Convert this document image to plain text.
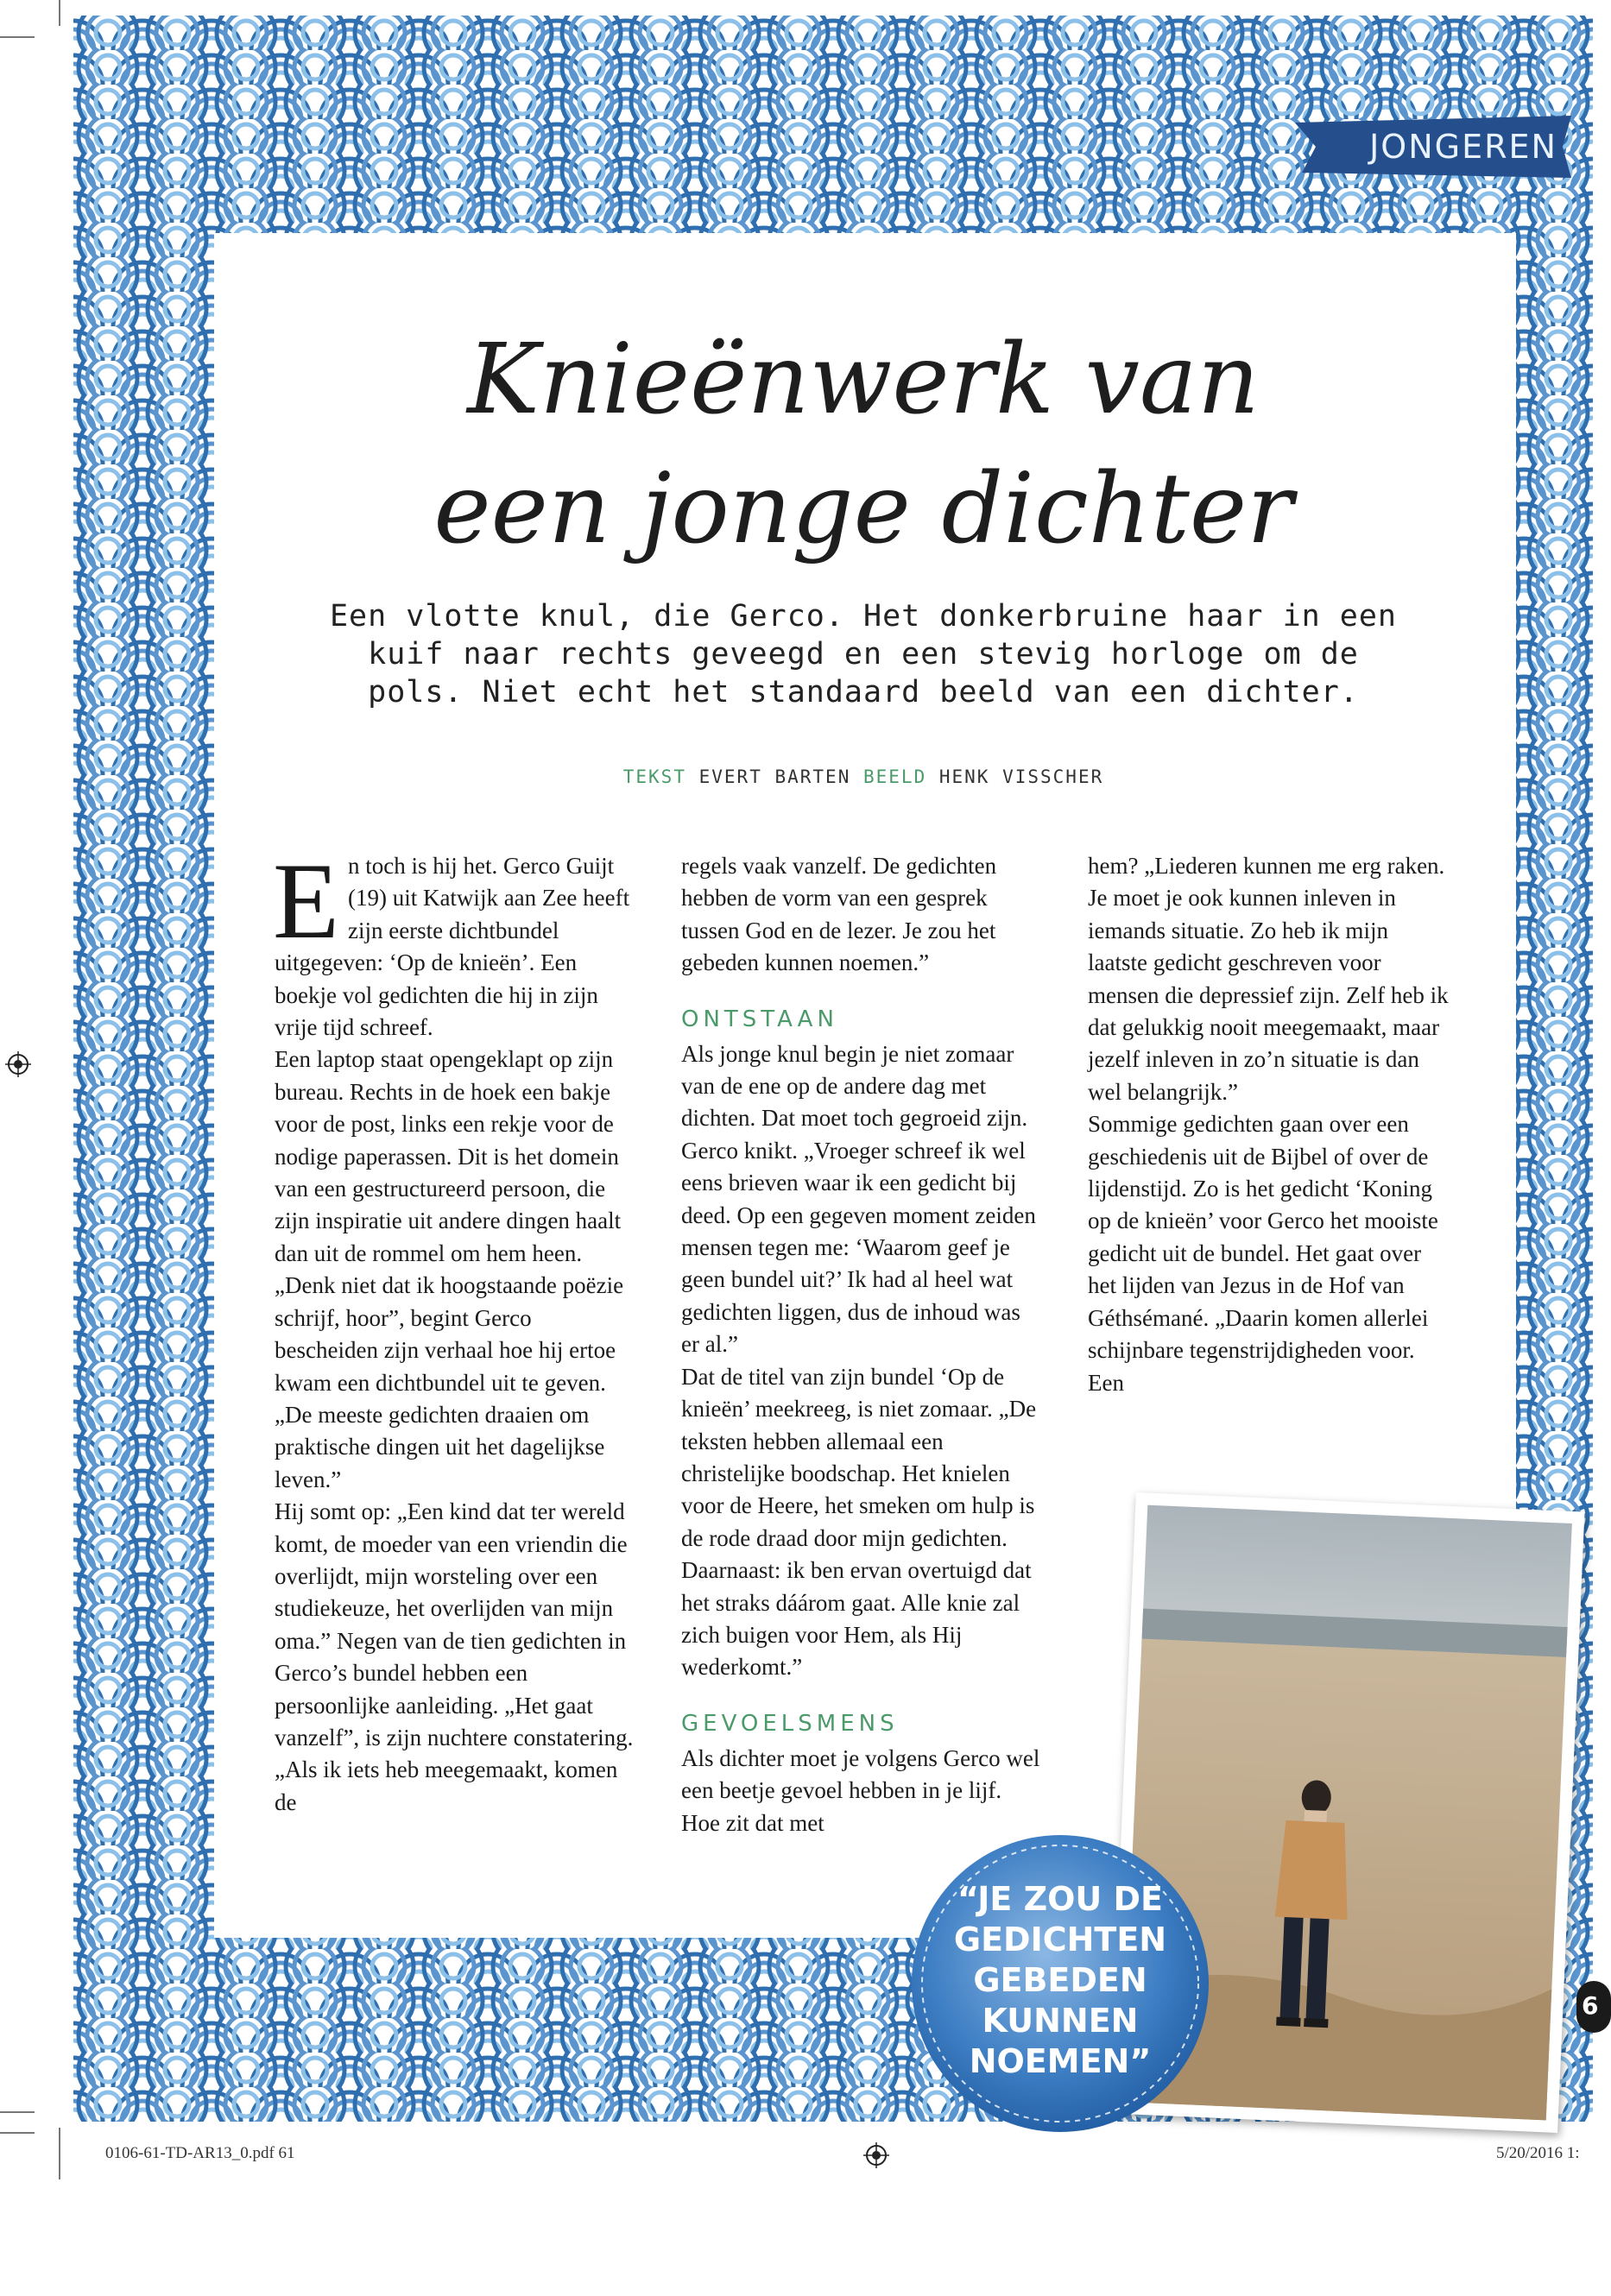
JONGEREN
Knieënwerk van
een jonge dichter

Een vlotte knul, die Gerco. Het donkerbruine haar in een kuif naar rechts geveegd en een stevig horloge om de pols. Niet echt het standaard beeld van een dichter.

TEKST EVERT BARTEN BEELD HENK VISSCHER

En toch is hij het. Gerco Guijt (19) uit Katwijk aan Zee heeft zijn eerste dichtbundel uitgegeven: ‘Op de knieën’. Een boekje vol gedichten die hij in zijn vrije tijd schreef.

Een laptop staat opengeklapt op zijn bureau. Rechts in de hoek een bakje voor de post, links een rekje voor de nodige paperassen. Dit is het domein van een gestructureerd persoon, die zijn inspiratie uit andere dingen haalt dan uit de rommel om hem heen.

„Denk niet dat ik hoogstaande poëzie schrijf, hoor”, begint Gerco bescheiden zijn verhaal hoe hij ertoe kwam een dichtbundel uit te geven. „De meeste gedichten draaien om praktische dingen uit het dagelijkse leven.”

Hij somt op: „Een kind dat ter wereld komt, de moeder van een vriendin die overlijdt, mijn worsteling over een studiekeuze, het overlijden van mijn oma.” Negen van de tien gedichten in Gerco’s bundel hebben een persoonlijke aanleiding. „Het gaat vanzelf”, is zijn nuchtere constatering. „Als ik iets heb meegemaakt, komen de

regels vaak vanzelf. De gedichten hebben de vorm van een gesprek tussen God en de lezer. Je zou het gebeden kunnen noemen.”

ONTSTAAN

Als jonge knul begin je niet zomaar van de ene op de andere dag met dichten. Dat moet toch gegroeid zijn. Gerco knikt. „Vroeger schreef ik wel eens brieven waar ik een gedicht bij deed. Op een gegeven moment zeiden mensen tegen me: ‘Waarom geef je geen bundel uit?’ Ik had al heel wat gedichten liggen, dus de inhoud was er al.”

Dat de titel van zijn bundel ‘Op de knieën’ meekreeg, is niet zomaar. „De teksten hebben allemaal een christelijke boodschap. Het knielen voor de Heere, het smeken om hulp is de rode draad door mijn gedichten. Daarnaast: ik ben ervan overtuigd dat het straks dáárom gaat. Alle knie zal zich buigen voor Hem, als Hij wederkomt.”

GEVOELSMENS

Als dichter moet je volgens Gerco wel een beetje gevoel hebben in je lijf. Hoe zit dat met

hem? „Liederen kunnen me erg raken. Je moet je ook kunnen inleven in iemands situatie. Zo heb ik mijn laatste gedicht geschreven voor mensen die depressief zijn. Zelf heb ik dat gelukkig nooit meegemaakt, maar jezelf inleven in zo’n situatie is dan wel belangrijk.”

Sommige gedichten gaan over een geschiedenis uit de Bijbel of over de lijdenstijd. Zo is het gedicht ‘Koning op de knieën’ voor Gerco het mooiste gedicht uit de bundel. Het gaat over het lijden van Jezus in de Hof van Géthsémané. „Daarin komen allerlei schijnbare tegenstrijdigheden voor. Een

“JE ZOU DE
GEDICHTEN
GEBEDEN
KUNNEN
NOEMEN”

6
0106-61-TD-AR13_0.pdf 61	5/20/2016 1:
